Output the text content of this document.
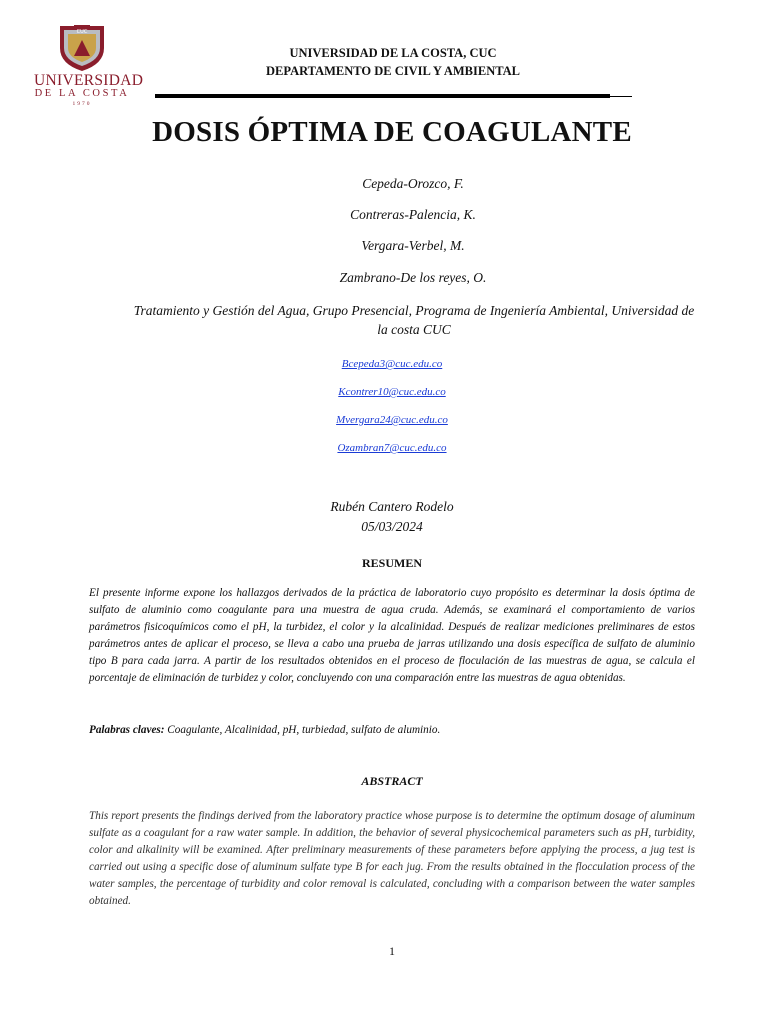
CUC
UNIVERSIDAD
DE LA COSTA
1970
UNIVERSIDAD DE LA COSTA, CUC
DEPARTAMENTO DE CIVIL Y AMBIENTAL
DOSIS ÓPTIMA DE COAGULANTE
Cepeda-Orozco, F.
Contreras-Palencia, K.
Vergara-Verbel, M.
Zambrano-De los reyes, O.
Tratamiento y Gestión del Agua, Grupo Presencial, Programa de Ingeniería Ambiental, Universidad de la costa CUC
Bcepeda3@cuc.edu.co
Kcontrer10@cuc.edu.co
Mvergara24@cuc.edu.co
Ozambran7@cuc.edu.co
Rubén Cantero Rodelo
05/03/2024
RESUMEN
El presente informe expone los hallazgos derivados de la práctica de laboratorio cuyo propósito es determinar la dosis óptima de sulfato de aluminio como coagulante para una muestra de agua cruda. Además, se examinará el comportamiento de varios parámetros fisicoquímicos como el pH, la turbidez, el color y la alcalinidad. Después de realizar mediciones preliminares de estos parámetros antes de aplicar el proceso, se lleva a cabo una prueba de jarras utilizando una dosis específica de sulfato de aluminio tipo B para cada jarra. A partir de los resultados obtenidos en el proceso de floculación de las muestras de agua, se calcula el porcentaje de eliminación de turbidez y color, concluyendo con una comparación entre las muestras de agua obtenidas.
Palabras claves: Coagulante, Alcalinidad, pH, turbiedad, sulfato de aluminio.
ABSTRACT
This report presents the findings derived from the laboratory practice whose purpose is to determine the optimum dosage of aluminum sulfate as a coagulant for a raw water sample. In addition, the behavior of several physicochemical parameters such as pH, turbidity, color and alkalinity will be examined. After preliminary measurements of these parameters before applying the process, a jug test is carried out using a specific dose of aluminum sulfate type B for each jug. From the results obtained in the flocculation process of the water samples, the percentage of turbidity and color removal is calculated, concluding with a comparison between the water samples obtained.
1
